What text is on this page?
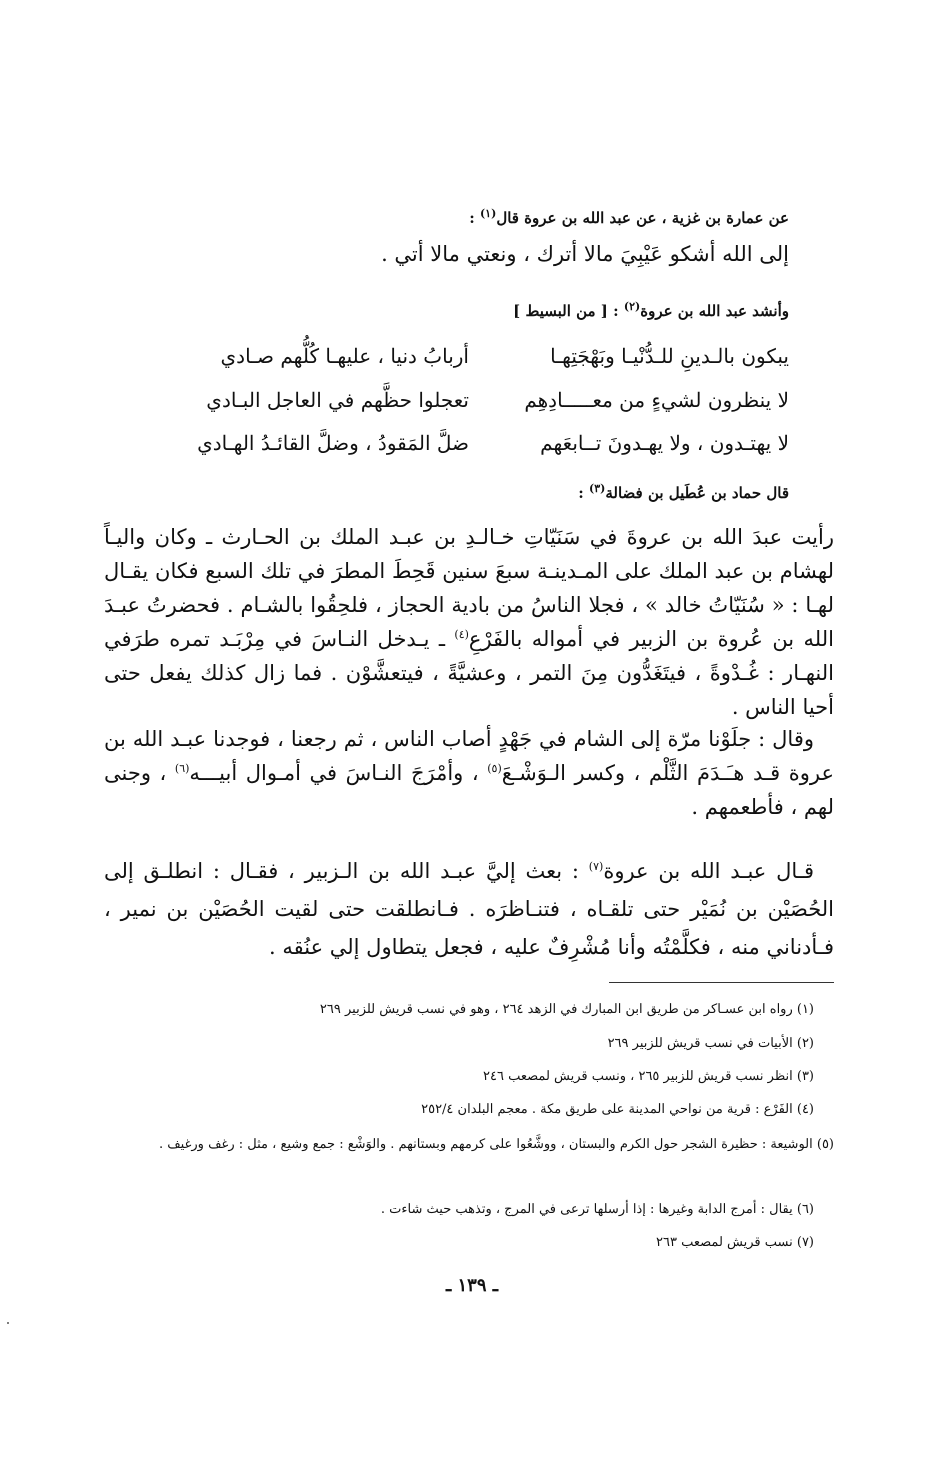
عن عمارة بن غزية ، عن عبد الله بن عروة قال$^{(١)}$ :
إلى الله أشكو عَيْبِيَ مالا أترك ، ونعتي مالا أتي .
وأنشد عبد الله بن عروة$^{(٢)}$ : [ من البسيط ]
يبكون بالـدينِ للـدُّنْيـا وبَهْجَتِهـا
أربابُ دنيا ، عليهـا كُلُّهم صـادي
لا ينظرون لشيءٍ من معـــــادِهِم
تعجلوا حظَّهم في العاجل البـادي
لا يهتـدون ، ولا يهـدونَ تــابعَهم
ضلَّ المَقودُ ، وضلَّ القائـدُ الهـادي
قال حماد بن عُطَيل بن فضالة$^{(٣)}$ :

رأيت عبدَ الله بن عروةَ في سَنَيّاتِ خـالـدِ بن عبـد الملك بن الحـارث ـ وكان واليـاً لهشام بن عبد الملك على المـدينـة سبعَ سنين قَحِطَ المطرَ في تلك السبع فكان يقـال لهـا : « سُنَيّاتُ خالد » ، فجلا الناسُ من بادية الحجاز ، فلحِقُوا بالشـام . فحضرتُ عبـدَ الله بن عُروة بن الزبير في أمواله بالفَرْعِ$^{(٤)}$ ـ يـدخل النـاسَ في مِرْبَـد تمره طرَفي النهـار : غُـدْوةً ، فيتَغَدُّون مِنَ التمر ، وعشيَّةً ، فيتعشَّوْن . فما زال كذلك يفعل حتى أحيا الناس .

وقال : جلَوْنا مرّة إلى الشام في جَهْدٍ أصاب الناس ، ثم رجعنا ، فوجدنا عبـد الله بن عروة قـد هـَـدَمَ الثَّلْم ، وكسر الـوَشْـعَ$^{(٥)}$ ، وأمْرَجَ النـاسَ في أمـوال أبيـــه$^{(٦)}$ ، وجنى لهم ، فأطعمهم .

قـال عبـد الله بن عروة$^{(٧)}$ : بعث إليَّ عبـد الله بن الـزبير ، فقـال : انطلـق إلى الحُصَيْن بن نُمَيْر حتى تلقـاه ، فتنـاظرَه . فـانطلقت حتى لقيت الحُصَيْن بن نمير ، فـأدناني منه ، فكلَّمْتُه وأنا مُشْرِفٌ عليه ، فجعل يتطاول إلي عنُقه .

(١) رواه ابن عسـاكر من طريق ابن المبارك في الزهد ٢٦٤ ، وهو في نسب قريش للزبير ٢٦٩
(٢) الأبيات في نسب قريش للزبير ٢٦٩
(٣) انظر نسب قريش للزبير ٢٦٥ ، ونسب قريش لمصعب ٢٤٦
(٤) الفَرْع : قرية من نواحي المدينة على طريق مكة . معجم البلدان ٢٥٢/٤
(٥) الوشيعة : حظيرة الشجر حول الكرم والبستان ، ووشَّعُوا على كرمهم وبستانهم . والوَشْع : جمع وشيع ، مثل : رغف ورغيف .
(٦) يقال : أمرج الدابة وغيرها : إذا أرسلها ترعى في المرج ، وتذهب حيث شاءت .
(٧) نسب قريش لمصعب ٢٦٣
ـ ١٣٩ ـ
